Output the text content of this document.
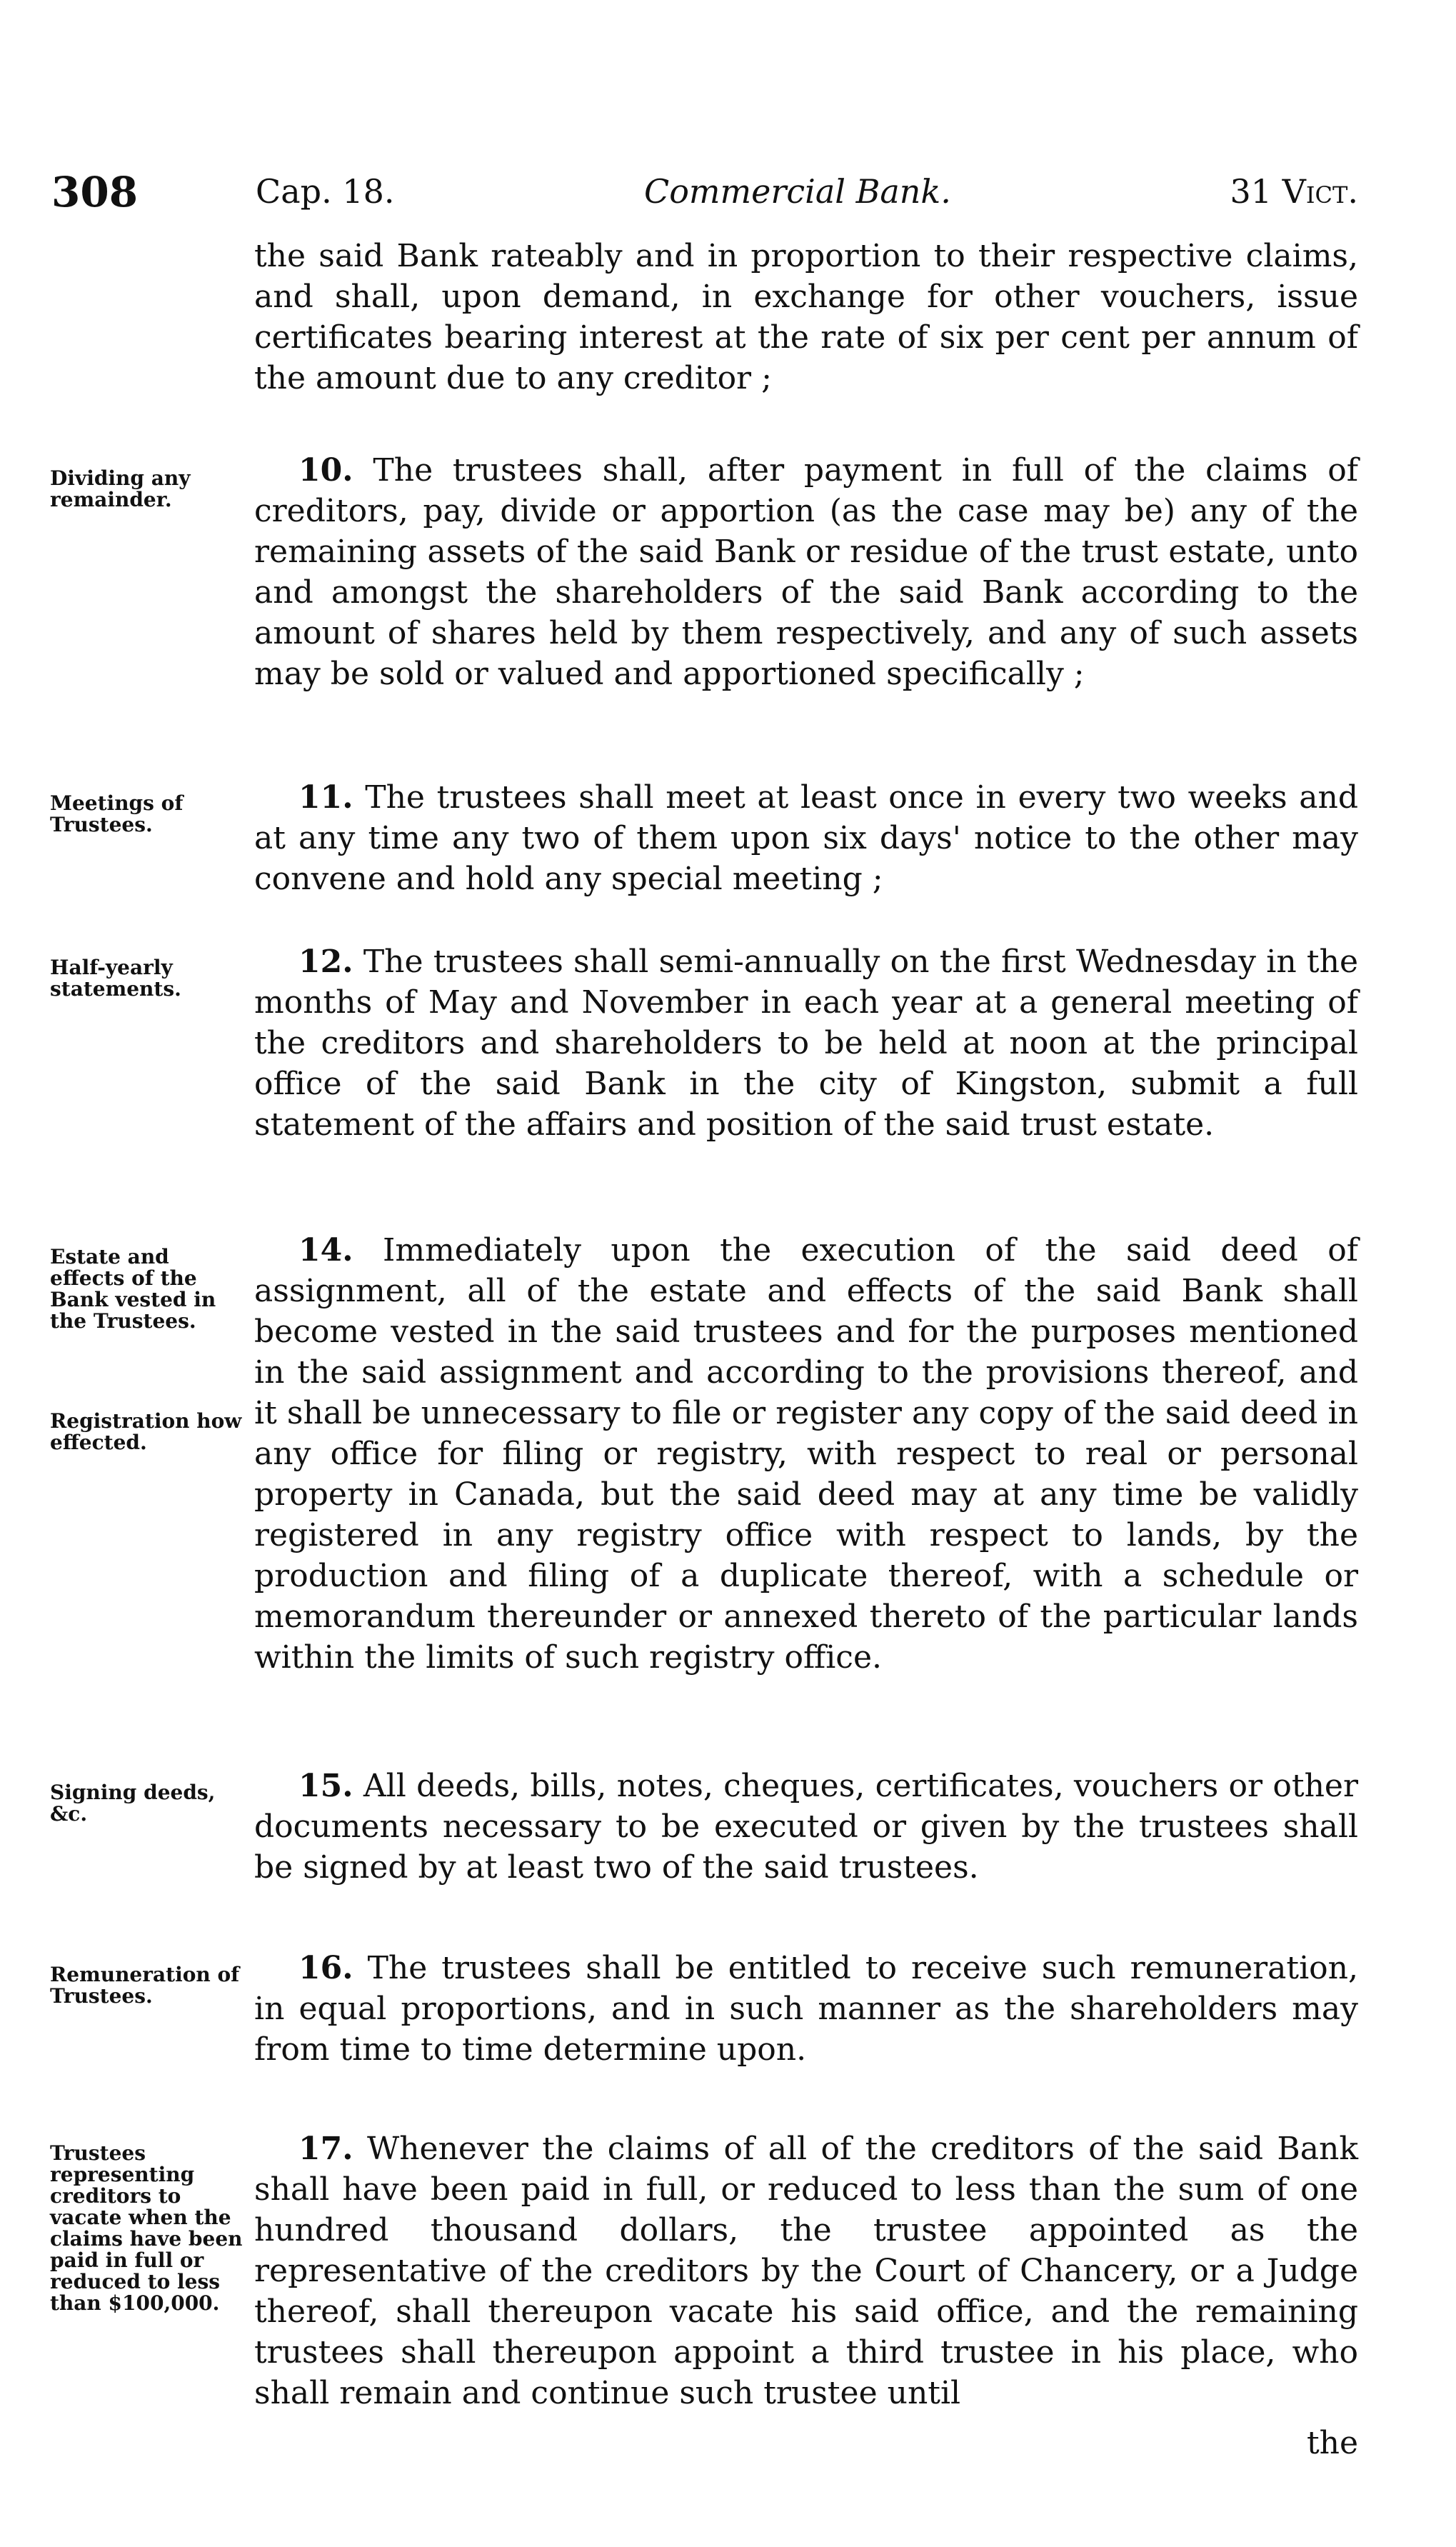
308	Cap. 18.	Commercial Bank.	31 Vict.

the said Bank rateably and in proportion to their respective claims, and shall, upon demand, in exchange for other vouchers, issue certificates bearing interest at the rate of six per cent per annum of the amount due to any creditor ;

Dividing any remainder.

10. The trustees shall, after payment in full of the claims of creditors, pay, divide or apportion (as the case may be) any of the remaining assets of the said Bank or residue of the trust estate, unto and amongst the shareholders of the said Bank according to the amount of shares held by them respectively, and any of such assets may be sold or valued and apportioned specifically ;

Meetings of Trustees.

11. The trustees shall meet at least once in every two weeks and at any time any two of them upon six days' notice to the other may convene and hold any special meeting ;

Half-yearly statements.

12. The trustees shall semi-annually on the first Wednesday in the months of May and November in each year at a general meeting of the creditors and shareholders to be held at noon at the principal office of the said Bank in the city of Kingston, submit a full statement of the affairs and position of the said trust estate.

Estate and effects of the Bank vested in the Trustees.
Registration how effected.

14. Immediately upon the execution of the said deed of assignment, all of the estate and effects of the said Bank shall become vested in the said trustees and for the purposes mentioned in the said assignment and according to the provisions thereof, and it shall be unnecessary to file or register any copy of the said deed in any office for filing or registry, with respect to real or personal property in Canada, but the said deed may at any time be validly registered in any registry office with respect to lands, by the production and filing of a duplicate thereof, with a schedule or memorandum thereunder or annexed thereto of the particular lands within the limits of such registry office.

Signing deeds, &c.

15. All deeds, bills, notes, cheques, certificates, vouchers or other documents necessary to be executed or given by the trustees shall be signed by at least two of the said trustees.

Remuneration of Trustees.

16. The trustees shall be entitled to receive such remuneration, in equal proportions, and in such manner as the shareholders may from time to time determine upon.

Trustees representing creditors to vacate when the claims have been paid in full or reduced to less than $100,000.

17. Whenever the claims of all of the creditors of the said Bank shall have been paid in full, or reduced to less than the sum of one hundred thousand dollars, the trustee appointed as the representative of the creditors by the Court of Chancery, or a Judge thereof, shall thereupon vacate his said office, and the remaining trustees shall thereupon appoint a third trustee in his place, who shall remain and continue such trustee until

the
